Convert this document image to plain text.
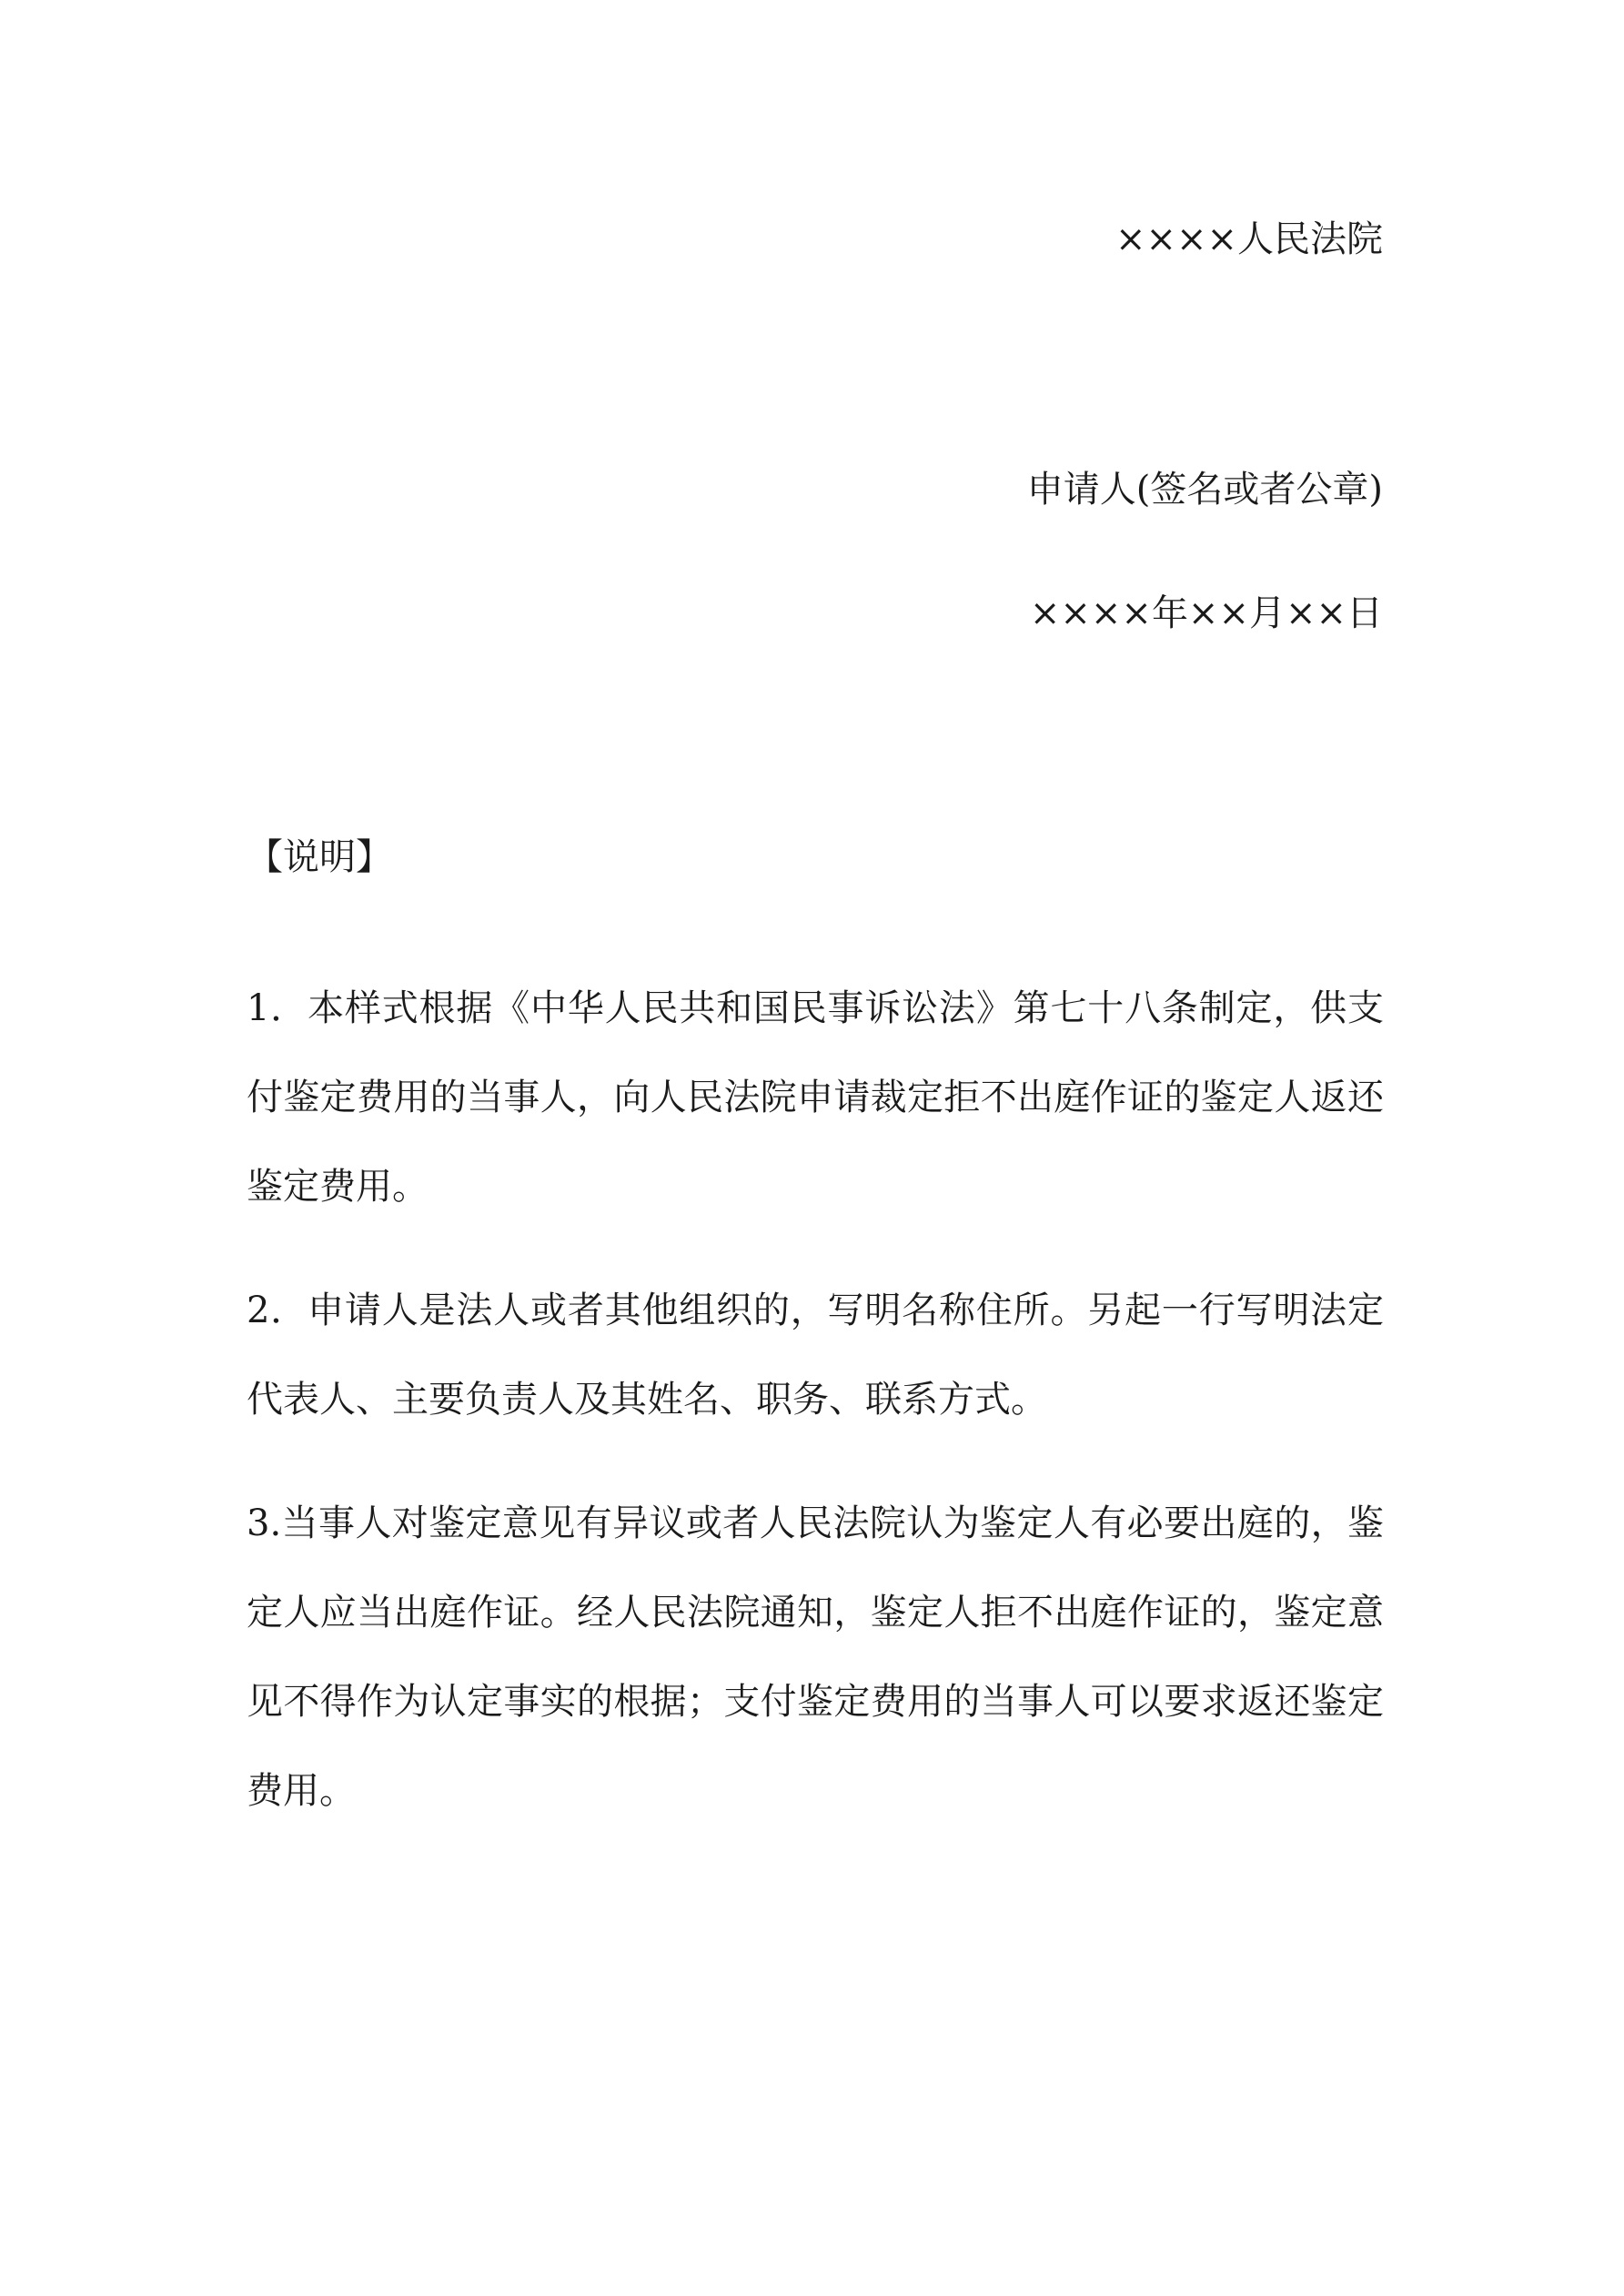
××××人民法院
申请人(签名或者公章)
××××年××月××日

【说明】

1．本样式根据《中华人民共和国民事诉讼法》第七十八条制定，供支付鉴定费用的当事人，向人民法院申请裁定拒不出庭作证的鉴定人返还鉴定费用。

2．申请人是法人或者其他组织的，写明名称住所。另起一行写明法定代表人、主要负责人及其姓名、职务、联系方式。

3.当事人对鉴定意见有异议或者人民法院认为鉴定人有必要出庭的，鉴定人应当出庭作证。经人民法院通知，鉴定人拒不出庭作证的，鉴定意见不得作为认定事实的根据；支付鉴定费用的当事人可以要求返还鉴定费用。
